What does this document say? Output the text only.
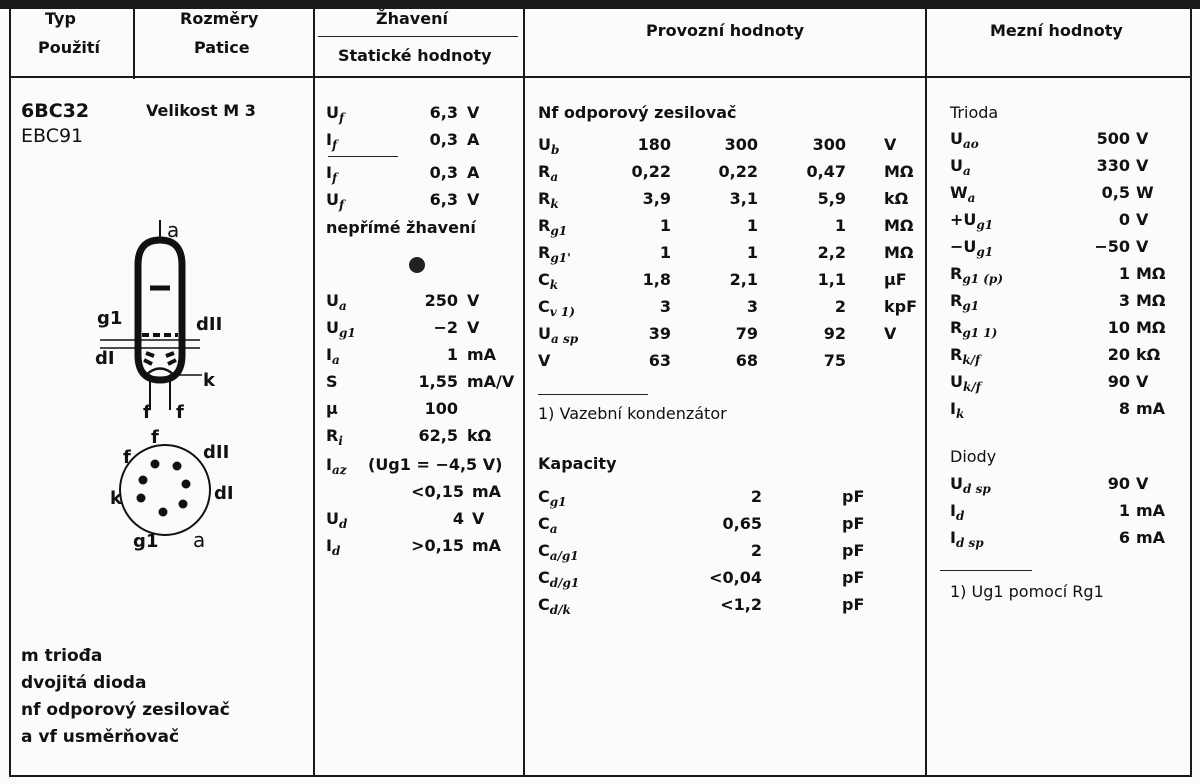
Typ
Použití
Rozměry
Patice
Žhavení
Statické hodnoty
Provozní hodnoty	Mezní hodnoty
6BC32
EBC91
Velikost M 3
a
g1	dII
dI
k
f f
f
f
dII
k	dI
g1 a
m triođa
dvojitá dioda
nf odporový zesilovač
a vf usměrňovač
$U_f$	6,3 V
$I_f$	0,3 A
$I_f$	0,3 A
$U_f$	6,3 V
$U_a$	250 V
$U_{g1}$	−2 V
$I_a$	1 mA
S	1,55 mA/V
μ	100
$R_i$	62,5 kΩ
nepřímé žhavení
$I_{az}$ (Ug1 = −4,5 V)
<0,15 mA
$U_d$	4 V
$I_d$	>0,15 mA
Nf odporový zesilovač
$U_b$	180	300	300 V
$R_a$	0,22	0,22	0,47 MΩ
$R_k$	3,9	3,1	5,9 kΩ
$R_{g1}$	1	1	1 MΩ
$R_{g1'}$	1	1	2,2 MΩ
$C_k$	1,8	2,1	1,1 μF
$C_{v 1)}$	3	3	2 kpF
$U_{a sp}$	39	79	92 V
V	63	68	75
1) Vazební kondenzátor
Kapacity
$C_{g1}$	2	pF
$C_a$	0,65	pF
$C_{a/g1}$	2	pF
$C_{d/g1}$	<0,04	pF
$C_{d/k}$	<1,2	pF
Trioda
$U_{ao}$	500 V
$U_a$	330 V
$W_a$	0,5 W
$+U_{g1}$	0 V
$-U_{g1}$	−50 V
$R_{g1 (p)}$	1 MΩ
$R_{g1}$	3 MΩ
$R_{g1 1)}$	10 MΩ
$R_{k/f}$	20 kΩ
$U_{k/f}$	90 V
$I_k$	8 mA
Diody
$U_{d sp}$	90 V
$I_d$	1 mA
$I_{d sp}$	6 mA
1) Ug1 pomocí Rg1
